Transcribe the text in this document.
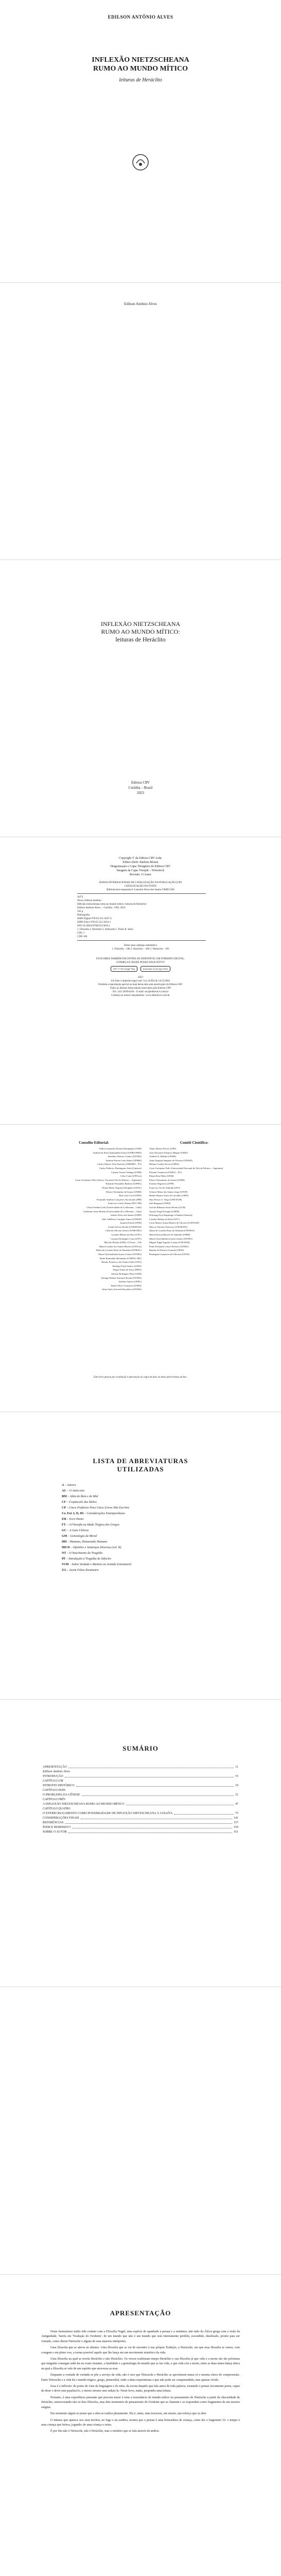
EDILSON ANTÔNIO ALVES
INFLEXÃO NIETZSCHEANA
RUMO AO MUNDO MÍTICO
leituras de Heráclito
Edilson Antônio Alves
INFLEXÃO NIETZSCHEANA
RUMO AO MUNDO MÍTICO:
leituras de Heráclito
Editora CRV
Curitiba – Brasil
2023
Copyright © da Editora CRV Ltda.
Editor-chefe: Railson Moura
Diagramação e Capa: Designers da Editora CRV
Imagem da Capa: Freepik – Wirestock
Revisão: O Autor
DADOS INTERNACIONAIS DE CATALOGAÇÃO NA PUBLICAÇÃO (CIP)
CATALOGAÇÃO NA FONTE
Bibliotecária responsável: Luzenira Alves dos Santos CRB9/1506
A474
Alves, Edilson Antônio
Inflexão nietzscheana rumo ao mundo mítico: leituras de Heráclito /
Edilson Antônio Alves. – Curitiba : CRV, 2023.
162 p.
Bibliografia
ISBN Digital 978-65-251-3637-2
ISBN Físico 978-65-251-3634-1
DOI 10.24824/978652513634.1
1. Filosofia 2. Heráclito 3. Nietzsche I. Título II. Série.
CDU 1
CDD 100
Índice para catálogo sistemático
1. Filosofia – 100 2. Heráclito – 180 3. Nietzsche – 193
ESTA OBRA TAMBÉM ENCONTRA-SE DISPONÍVEL EM FORMATO DIGITAL.
CONHEÇA E BAIXE NOSSO APLICATIVO!
GET IT ON Google Play	Download on the App Store
2023
Foi feito o depósito legal conf. Lei 10.994 de 14/12/2004
Proibida a reprodução parcial ou total desta obra sem autorização da Editora CRV
Todos os direitos desta edição reservados pela Editora CRV
Tel.: (41) 3039-6418 – E-mail: sac@editoracrv.com.br
Conheça os nossos lançamentos: www.editoracrv.com.br
Conselho Editorial:
Aldira Guimarães Duarte Domínguez (UNB)
Andréia da Silva Quintanilha Sousa (UNIR/UFRN)
Anselmo Alencar Colares (UFOPA)
Antônio Pereira Gaio Júnior (UFRRJ)
Carlos Alberto Vilar Estêvão (UMINHO – PT)
Carlos Federico Dominguez Avila (Unieuro)
Carmen Tereza Velanga (UNIR)
Celso Conti (UFSCar)
Cesar Gerónimo Tello (Univer. Nacional Três de Febrero – Argentina)
Eduardo Fernandes Barbosa (UFMG)
Elione Maria Nogueira Diogenes (UFAL)
Elizeu Clementino de Souza (UNEB)
Élsio José Corá (UFFS)
Fernando Antônio Gonçalves Alcoforado (IPB)
Francisco Carlos Duarte (PUC-PR)
Gloria Fariñas León (Universidade de La Havana – Cuba)
Guillermo Arias Beatón (Universidade de La Havana – Cuba)
Jailson Alves dos Santos (UFRJ)
João Adalberto Campato Junior (UNESP)
Josania Portela (UFPI)
Leonel Severo Rocha (UNISINOS)
Lídia de Oliveira Xavier (UNIEURO)
Lourdes Helena da Silva (UFV)
Luciano Rodrigues Costa (UFV)
Marcelo Paixão (UFRJ e UTexas – US)
Maria Cristina dos Santos Bezerra (UFSCar)
Maria de Lourdes Pinto de Almeida (UNOESC)
Maria Lília Imbiriba Sousa Colares (UFOPA)
Paulo Romualdo Hernandes (UNIFAL-MG)
Renato Francisco dos Santos Paula (UFG)
Rodrigo Pratte-Santos (UFES)
Sérgio Nunes de Jesus (IFRO)
Simone Rodrigues Pinto (UNB)
Solange Helena Ximenes-Rocha (UFOPA)
Sydione Santos (UEPG)
Tadeu Oliver Gonçalves (UFPA)
Tania Suely Azevedo Brasileiro (UFOPA)
Comitê Científico:
Altair Alberto Fávero (UPF)
Ana Chrystina Venancio Mignot (UERJ)
Andréia N. Militão (UEMS)
Anna Augusta Sampaio de Oliveira (UNESP)
Barbara Coelho Neves (UFBA)
Cesar Gerónimo Tello (Universidad Nacional de Três de Febrero – Argentina)
Diosnel Centurion (UNIDA – PY)
Eliane Rose Maio (UEM)
Elizeu Clementino de Souza (UNEB)
Fauston Negreiros (UFPI)
Francisco Ari de Andrade (UFC)
Gláucia Maria dos Santos Jorge (UFOP)
Helder Buenos Aires de Carvalho (UFPI)
Ilma Passos A. Veiga (UNICEUB)
Inês Bragança (UERJ)
José de Ribamar Sousa Pereira (UCB)
Jussara Fraga Portugal (UNEB)
Kilwangy Kya Kapitango-a-Samba (Unemat)
Lourdes Helena da Silva (UFV)
Lucia Marisy Souza Ribeiro de Oliveira (UNIVASF)
Marcos Vinicius Francisco (UNOESTE)
Maria de Lourdes Pinto de Almeida (UNOESC)
Maria Eurácia Barreto de Andrade (UFRB)
Maria Lília Imbiriba Sousa Colares (UFOPA)
Míguel Ángel Aguilar Lozano (UNLPAM)
Paulo Fernando Lemos Pacheco (UFMG)
Ramón de Oliveira Granado (UFES)
Rosângela Gonçalves de Oliveira (UFGD)
Este livro passou por avaliação e aprovação às cegas de dois ou mais pareceristas ad hoc.
LISTA DE ABREVIATURAS
UTILIZADAS
A – Aurora
AC – O Anticristo
BM – Além do Bem e do Mal
CF – Crepúsculo dos Ídolos
CP – Cinco Prefácios Para Cinco Livros Não Escritos
Co. Ext. I, II, III – Considerações Extemporâneas
EH – Ecce Homo
FT – A Filosofia na Idade Trágica dos Gregos
GC – A Gaia Ciência
GM – Genealogia da Moral
HH – Humano, Demasiado Humano
HH II – Opiniões e Sentenças Diversas (vol. II)
NT – O Nascimento da Tragédia
PF – Introdução à Tragédia de Sófocles
SVM – Sobre Verdade e Mentira no Sentido Extramoral
ZA – Assim Falou Zaratustra
SUMÁRIO
APRESENTAÇÃO	11
Edilson Antônio Alves
INTRODUÇÃO	15
CAPÍTULO UM
INTROITO HISTÓRICO	19
CAPÍTULO DOIS
O PROBLEMA DA GÊNESE	31
CAPÍTULO TRÊS
A INFLEXÃO NIETZSCHEANA RUMO AO MUNDO MÍTICO	47
CAPÍTULO QUATRO
O ENTRECRUZAMENTO COMO POSSIBILIDADE DE INFLEXÃO NIETZSCHEANA À JANAÍTA	75
CONSIDERAÇÕES FINAIS	141
REFERÊNCIAS	157
ÍNDICE REMISSIVO	159
SOBRE O AUTOR	161
APRESENTAÇÃO

Neste momentoso tenho tido contato com a Filosofia Nagel, uma espécie de apanhado a pensar e a sentimos, não tudo da África grega com a visão da Antiguidade, Tarefa em 'Tradução do Ocidente', de um mundo que não é um mundo que está inteiramente perdido, escondido, idealizado, pronto para ser visitado, como dizem Nietzsche e alguns de seus maiores intérpretes.

Uma filosofia que se atreve ao abismo. Uma filosofia que se vai de encontro à sua própria Tradição, a Nietzsche, em que essa filosofia se ousou, com coragem e em pleno voo, a tornar possível aquilo que lhe lança em um movimento mistérico da vida.

Uma filosofia na qual se revela Heráclito e não Heráclito. Os versos reafirmam tempo Heráclito e sua filosofia já que vida e a morte são tão próximas que ninguém consegue sabê-las no exato instante, a fatalidade e a genealogia do mundo que se faz vida, e que vida cria a morte, entre as duas numa dança única na qual a filosofia se vale de um espírito que atravessa as eras.

Enquanto a vontade de verdade se põe a serviço da vida, não é raro que Nietzsche e Heráclito se aproximem numa só e mesma chave de compreensão. Entre Nietzsche e a vida há o mundo trágico, grego, primordial, onde a alma experimenta o que não pode ser compreendido, mas apenas vivido.

Essa é a inflexão: do ponto de vista da linguagem e do mito, da escuta daquilo que fala antes de toda palavra, tornando o pensar novamente poeta, capaz de dizer o devir sem paralisá-lo, o eterno retorno sem reduzi-lo. Neste livro, então, proponho uma leitura.

Portanto, é uma experiência pensante que procura trazer à tona a ressonância do mundo mítico no pensamento de Nietzsche a partir da obscuridade de Heráclito, entrecruzando não só dois filósofos, mas dois momentos do pensamento do Ocidente que se chamam e se respondem como fragmentos de um mesmo enigma.

Em momento algum se pense que a obra se realiza plenamente. Ela é, antes, uma travessia, um ensaio, um esforço que se abre.

O intenso que aparece nos seus trechos, no fogo e na sombra, mostra que o pensar é uma brincadeira de criança, como diz o fragmento 52: o tempo é uma criança que brinca, jogando; de uma criança o reino.

É por fim não é Nietzsche, não é Heráclito, mas o mistério que se fala através de ambos.
